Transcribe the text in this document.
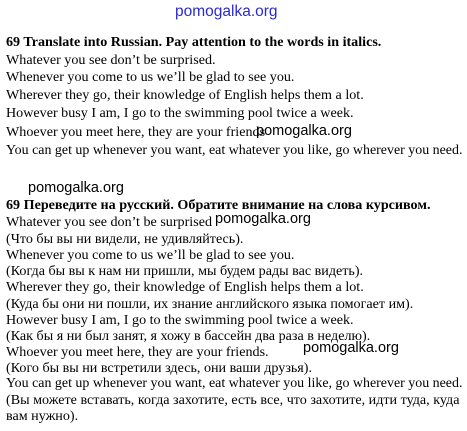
pomogalka.org
pomogalka.org
pomogalka.org
pomogalka.org
pomogalka.org
69 Translate into Russian. Pay attention to the words in italics.
Whatever you see don’t be surprised.
Whenever you come to us we’ll be glad to see you.
Wherever they go, their knowledge of English helps them a lot.
However busy I am, I go to the swimming pool twice a week.
Whoever you meet here, they are your friends
You can get up whenever you want, eat whatever you like, go wherever you need.
69 Переведите на русский. Обратите внимание на слова курсивом.
Whatever you see don’t be surprised
(Что бы вы ни видели, не удивляйтесь).
Whenever you come to us we’ll be glad to see you.
(Когда бы вы к нам ни пришли, мы будем рады вас видеть).
Wherever they go, their knowledge of English helps them a lot.
(Куда бы они ни пошли, их знание английского языка помогает им).
However busy I am, I go to the swimming pool twice a week.
(Как бы я ни был занят, я хожу в бассейн два раза в неделю).
Whoever you meet here, they are your friends.
(Кого бы вы ни встретили здесь, они ваши друзья).
You can get up whenever you want, eat whatever you like, go wherever you need.
(Вы можете вставать, когда захотите, есть все, что захотите, идти туда, куда
вам нужно).
